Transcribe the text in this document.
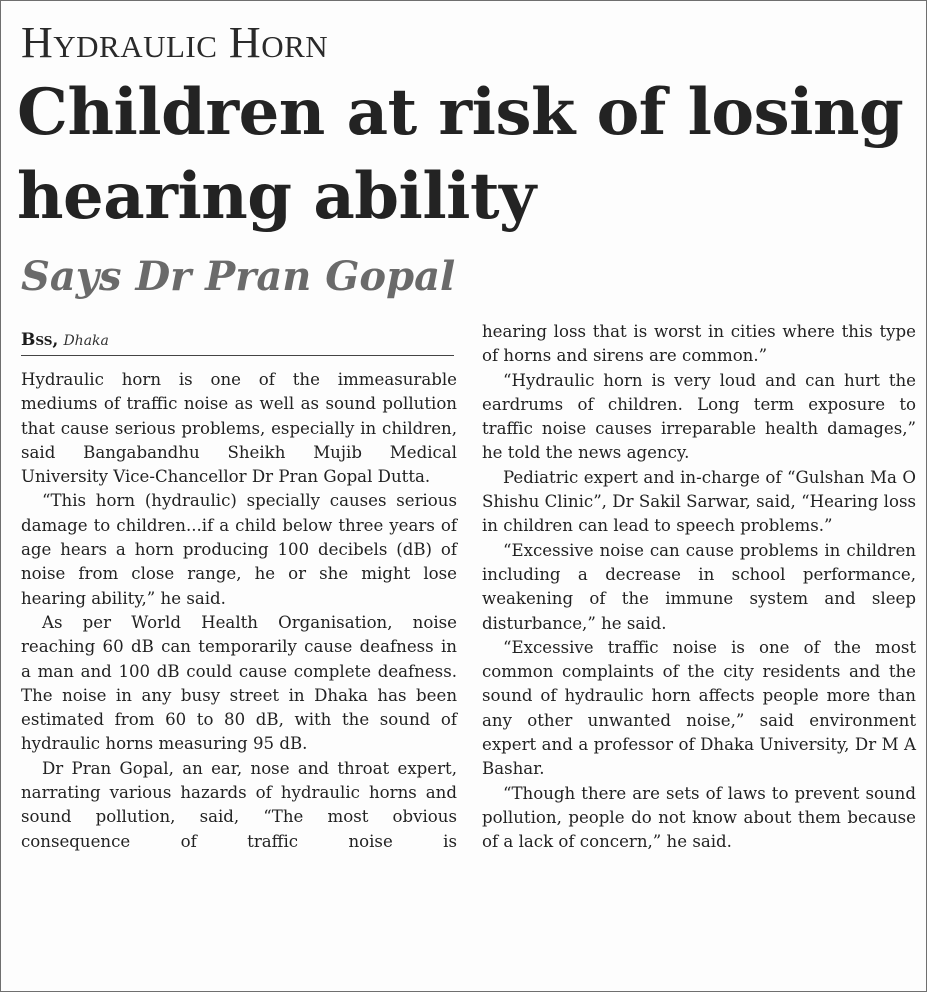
Hydraulic Horn
Children at risk of losing hearing ability
Says Dr Pran Gopal
Bss, Dhaka

Hydraulic horn is one of the immeasurable mediums of traffic noise as well as sound pollution that cause serious problems, especially in children, said Bangabandhu Sheikh Mujib Medical University Vice-Chancellor Dr Pran Gopal Dutta.

“This horn (hydraulic) specially causes serious damage to children...if a child below three years of age hears a horn producing 100 decibels (dB) of noise from close range, he or she might lose hearing ability,” he said.

As per World Health Organisation, noise reaching 60 dB can temporarily cause deafness in a man and 100 dB could cause complete deafness. The noise in any busy street in Dhaka has been estimated from 60 to 80 dB, with the sound of hydraulic horns measuring 95 dB.

Dr Pran Gopal, an ear, nose and throat expert, narrating various hazards of hydraulic horns and sound pollution, said, “The most obvious consequence of traffic noise is

hearing loss that is worst in cities where this type of horns and sirens are common.”

“Hydraulic horn is very loud and can hurt the eardrums of children. Long term exposure to traffic noise causes irreparable health damages,” he told the news agency.

Pediatric expert and in-charge of “Gulshan Ma O Shishu Clinic”, Dr Sakil Sarwar, said, “Hearing loss in children can lead to speech problems.”

“Excessive noise can cause problems in children including a decrease in school performance, weakening of the immune system and sleep disturbance,” he said.

“Excessive traffic noise is one of the most common complaints of the city residents and the sound of hydraulic horn affects people more than any other unwanted noise,” said environment expert and a professor of Dhaka University, Dr M A Bashar.

“Though there are sets of laws to prevent sound pollution, people do not know about them because of a lack of concern,” he said.
